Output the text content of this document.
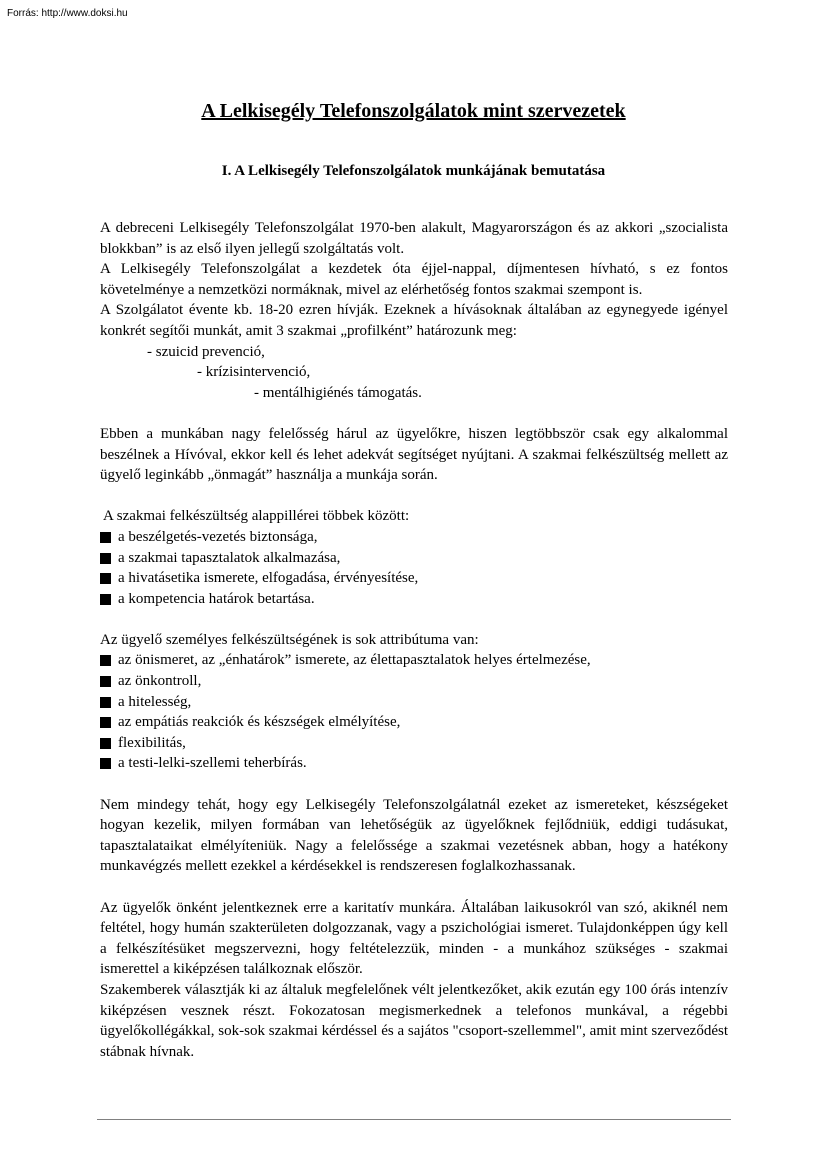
Forrás: http://www.doksi.hu
A Lelkisegély Telefonszolgálatok mint szervezetek
I. A Lelkisegély Telefonszolgálatok munkájának bemutatása

A debreceni Lelkisegély Telefonszolgálat 1970-ben alakult, Magyarországon és az akkori „szocialista blokkban” is az első ilyen jellegű szolgáltatás volt.

A Lelkisegély Telefonszolgálat a kezdetek óta éjjel-nappal, díjmentesen hívható, s ez fontos követelménye a nemzetközi normáknak, mivel az elérhetőség fontos szakmai szempont is.

A Szolgálatot évente kb. 18-20 ezren hívják. Ezeknek a hívásoknak általában az egynegyede igényel konkrét segítői munkát, amit 3 szakmai „profilként” határozunk meg:

- szuicid prevenció,

- krízisintervenció,

- mentálhigiénés támogatás.

Ebben a munkában nagy felelősség hárul az ügyelőkre, hiszen legtöbbször csak egy alkalommal beszélnek a Hívóval, ekkor kell és lehet adekvát segítséget nyújtani. A szakmai felkészültség mellett az ügyelő leginkább „önmagát” használja a munkája során.

A szakmai felkészültség alappillérei többek között:

a beszélgetés-vezetés biztonsága,
a szakmai tapasztalatok alkalmazása,
a hivatásetika ismerete, elfogadása, érvényesítése,
a kompetencia határok betartása.

Az ügyelő személyes felkészültségének is sok attribútuma van:

az önismeret, az „énhatárok” ismerete, az élettapasztalatok helyes értelmezése,
az önkontroll,
a hitelesség,
az empátiás reakciók és készségek elmélyítése,
flexibilitás,
a testi-lelki-szellemi teherbírás.

Nem mindegy tehát, hogy egy Lelkisegély Telefonszolgálatnál ezeket az ismereteket, készségeket hogyan kezelik, milyen formában van lehetőségük az ügyelőknek fejlődniük, eddigi tudásukat, tapasztalataikat elmélyíteniük. Nagy a felelőssége a szakmai vezetésnek abban, hogy a hatékony munkavégzés mellett ezekkel a kérdésekkel is rendszeresen foglalkozhassanak.

Az ügyelők önként jelentkeznek erre a karitatív munkára. Általában laikusokról van szó, akiknél nem feltétel, hogy humán szakterületen dolgozzanak, vagy a pszichológiai ismeret. Tulajdonképpen úgy kell a felkészítésüket megszervezni, hogy feltételezzük, minden - a munkához szükséges - szakmai ismerettel a kiképzésen találkoznak először.

Szakemberek választják ki az általuk megfelelőnek vélt jelentkezőket, akik ezután egy 100 órás intenzív kiképzésen vesznek részt. Fokozatosan megismerkednek a telefonos munkával, a régebbi ügyelőkollégákkal, sok-sok szakmai kérdéssel és a sajátos "csoport-szellemmel", amit mint szerveződést stábnak hívnak.
